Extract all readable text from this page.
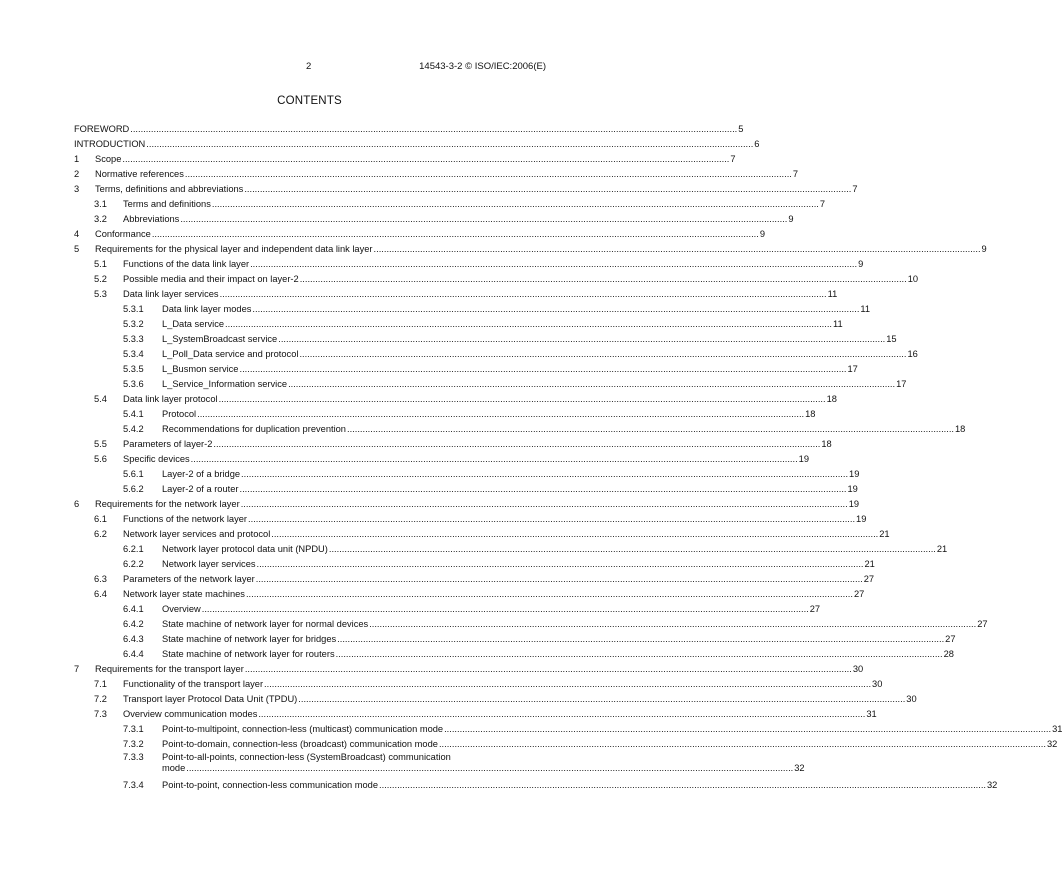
2	14543-3-2 © ISO/IEC:2006(E)
CONTENTS
FOREWORD .....	5
INTRODUCTION .....	6
1	Scope .....	7
2	Normative references .....	7
3	Terms, definitions and abbreviations .....	7
3.1	Terms and definitions .....	7
3.2	Abbreviations .....	9
4	Conformance .....	9
5	Requirements for the physical layer and independent data link layer .....	9
5.1	Functions of the data link layer .....	9
5.2	Possible media and their impact on layer-2 .....	10
5.3	Data link layer services .....	11
5.3.1	Data link layer modes .....	11
5.3.2	L_Data service .....	11
5.3.3	L_SystemBroadcast service .....	15
5.3.4	L_Poll_Data service and protocol .....	16
5.3.5	L_Busmon service .....	17
5.3.6	L_Service_Information service .....	17
5.4	Data link layer protocol .....	18
5.4.1	Protocol .....	18
5.4.2	Recommendations for duplication prevention .....	18
5.5	Parameters of layer-2 .....	18
5.6	Specific devices .....	19
5.6.1	Layer-2 of a bridge .....	19
5.6.2	Layer-2 of a router .....	19
6	Requirements for the network layer .....	19
6.1	Functions of the network layer .....	19
6.2	Network layer services and protocol .....	21
6.2.1	Network layer protocol data unit (NPDU) .....	21
6.2.2	Network layer services .....	21
6.3	Parameters of the network layer .....	27
6.4	Network layer state machines .....	27
6.4.1	Overview .....	27
6.4.2	State machine of network layer for normal devices .....	27
6.4.3	State machine of network layer for bridges .....	27
6.4.4	State machine of network layer for routers .....	28
7	Requirements for the transport layer .....	30
7.1	Functionality of the transport layer .....	30
7.2	Transport layer Protocol Data Unit (TPDU) .....	30
7.3	Overview communication modes .....	31
7.3.1	Point-to-multipoint, connection-less (multicast) communication mode .....	31
7.3.2	Point-to-domain, connection-less (broadcast) communication mode .....	32
7.3.3	Point-to-all-points, connection-less (SystemBroadcast) communication
mode .....	32
7.3.4	Point-to-point, connection-less communication mode .....	32
